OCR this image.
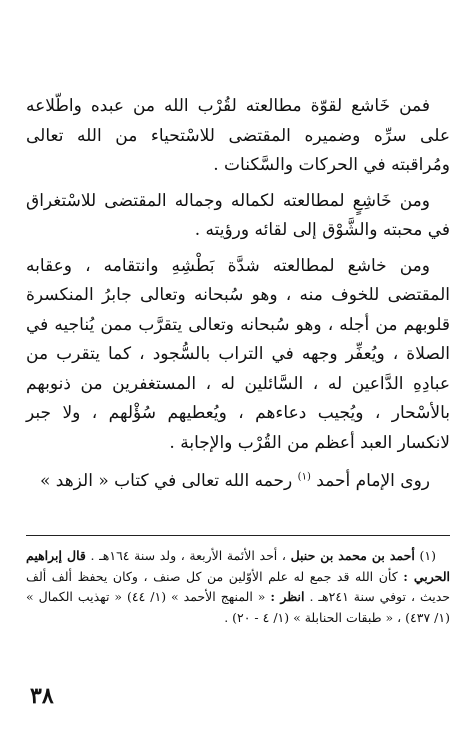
فمن خَاشع لقوّة مطالعته لقُرْب الله من عبده واطّلاعه على سرِّه وضميره المقتضى للاسْتحياء من الله تعالى ومُراقبته في الحركات والسَّكنات .

ومن خَاشِعٍ لمطالعته لكماله وجماله المقتضى للاسْتغراق في محبته والشَّوْق إلى لقائه ورؤيته .

ومن خاشع لمطالعته شدَّة بَطْشِهِ وانتقامه ، وعقابه المقتضى للخوف منه ، وهو سُبحانه وتعالى جابرُ المنكسرة قلوبهم من أجله ، وهو سُبحانه وتعالى يتقرَّب ممن يُناجيه في الصلاة ، ويُعفِّر وجهه في التراب بالسُّجود ، كما يتقرب من عبادِهِ الدَّاعين له ، السَّائلين له ، المستغفرين من ذنوبهم بالأسْحار ، ويُجيب دعاءهم ، ويُعطيهم سُؤْلهم ، ولا جبر لانكسار العبد أعظم من القُرْب والإجابة .

روى الإمام أحمد $^{(١)}$ رحمه الله تعالى في كتاب « الزهد »

(١) أحمد بن محمد بن حنبل ، أحد الأئمة الأربعة ، ولد سنة ١٦٤هـ . قال إبراهيم الحربي : كأن الله قد جمع له علم الأوّلين من كل صنف ، وكان يحفظ ألف ألف حديث ، توفي سنة ٢٤١هـ . انظر : « المنهج الأحمد » (١/ ٤٤) « تهذيب الكمال » (١/ ٤٣٧) ، « طبقات الحنابلة » (١/ ٤ - ٢٠) .

٣٨
